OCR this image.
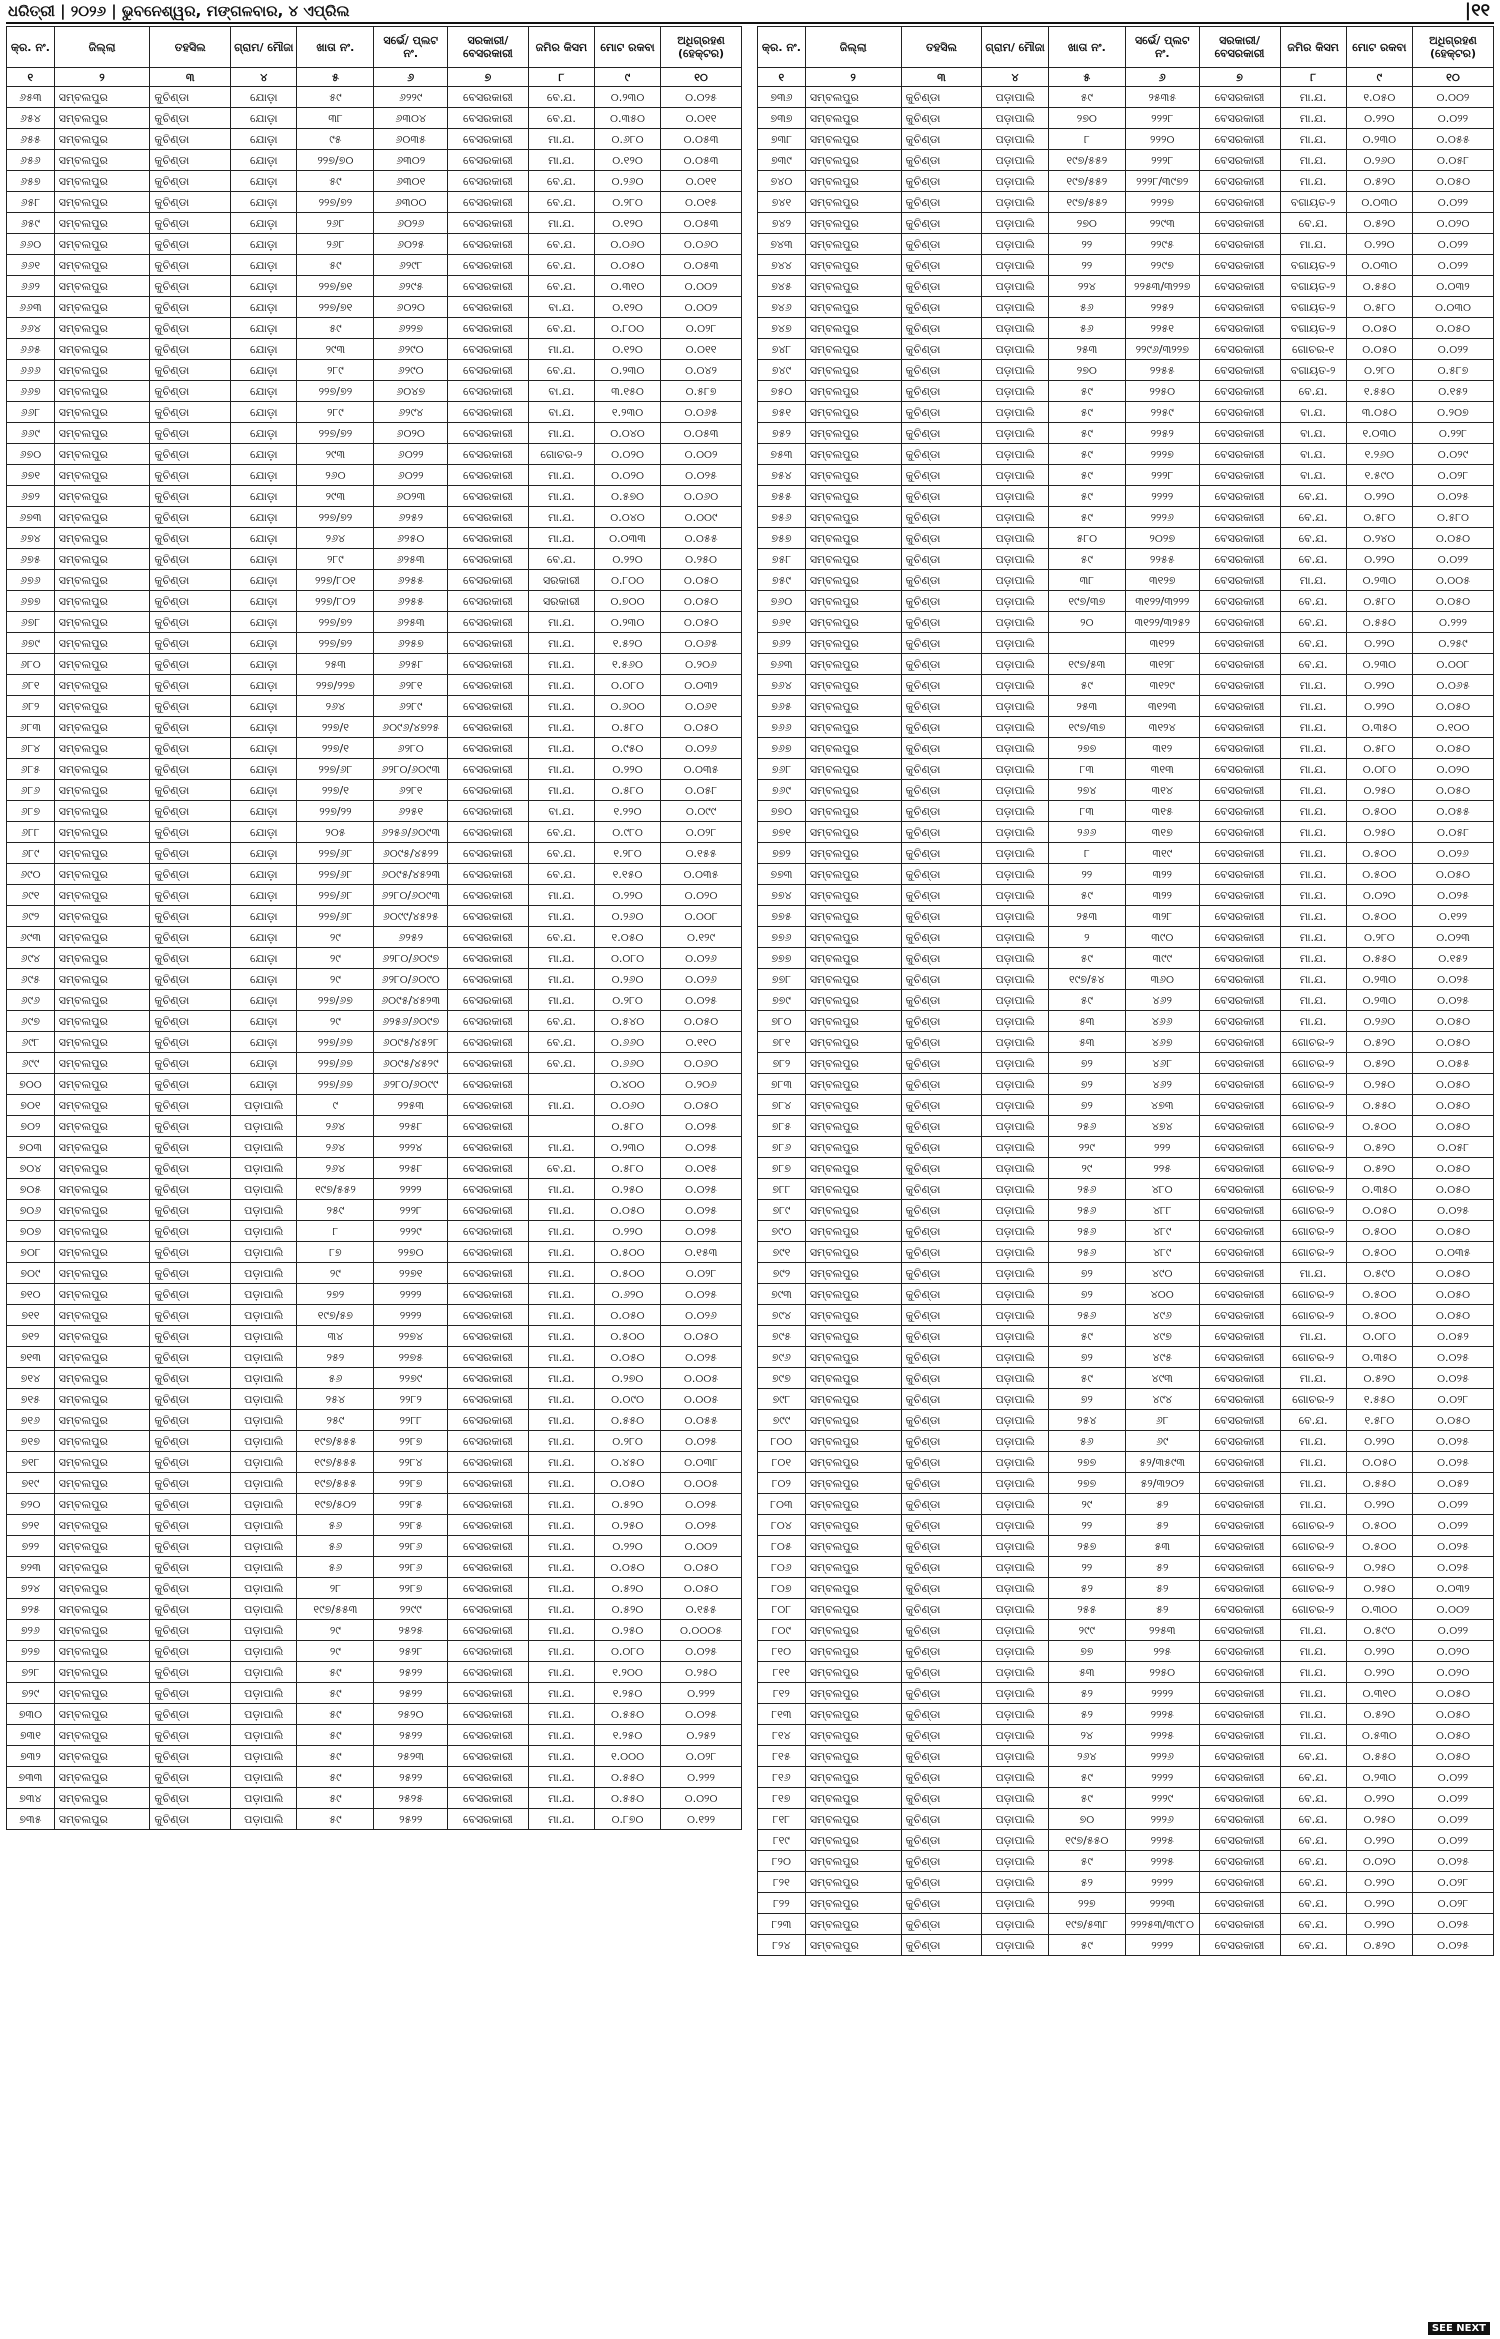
ଧରିତ୍ରୀ | ୨୦୨୬ | ଭୁବନେଶ୍ୱର, ମଙ୍ଗଳବାର, ୪ ଏପ୍ରିଲ	|୧୧
କ୍ର. ନଂ.	ଜିଲ୍ଲା	ତହସିଲ	ଗ୍ରାମ/ ମୌଜା	ଖାତା ନଂ.	ସର୍ଭେ/ ପ୍ଲଟ ନଂ.	ସରକାରୀ/ ବେସରକାରୀ	ଜମିର କିସମ	ମୋଟ ରକବା	ଅଧିଗ୍ରହଣ (ହେକ୍ଟର)
୧	୨	୩	୪	୫	୬	୭	୮	୯	୧୦
୬୫୩	ସମ୍ବଲପୁର	କୁଚିଣ୍ଡା	ଯୋଡ଼ା	୫୯	୬୨୨୯	ବେସରକାରୀ	ବେ.ଯ.	୦.୨୩୦	୦.୦୨୫
୬୫୪	ସମ୍ବଲପୁର	କୁଚିଣ୍ଡା	ଯୋଡ଼ା	୩୮	୬୩୦୪	ବେସରକାରୀ	ବେ.ଯ.	୦.୩୫୦	୦.୦୧୧
୬୫୫	ସମ୍ବଲପୁର	କୁଚିଣ୍ଡା	ଯୋଡ଼ା	୯୫	୬୦୩୫	ବେସରକାରୀ	ମା.ଯ.	୦.୬୮୦	୦.୦୫୩
୬୫୬	ସମ୍ବଲପୁର	କୁଚିଣ୍ଡା	ଯୋଡ଼ା	୨୨୭/୭୦	୬୩୦୨	ବେସରକାରୀ	ମା.ଯ.	୦.୧୨୦	୦.୦୫୩
୬୫୭	ସମ୍ବଲପୁର	କୁଚିଣ୍ଡା	ଯୋଡ଼ା	୫୯	୬୩୦୧	ବେସରକାରୀ	ବେ.ଯ.	୦.୨୬୦	୦.୦୧୧
୬୫୮	ସମ୍ବଲପୁର	କୁଚିଣ୍ଡା	ଯୋଡ଼ା	୨୨୭/୭୨	୬୩୦୦	ବେସରକାରୀ	ବେ.ଯ.	୦.୨୮୦	୦.୦୧୫
୬୫୯	ସମ୍ବଲପୁର	କୁଚିଣ୍ଡା	ଯୋଡ଼ା	୨୬୮	୬୦୨୬	ବେସରକାରୀ	ମା.ଯ.	୦.୧୨୦	୦.୦୫୩
୬୬୦	ସମ୍ବଲପୁର	କୁଚିଣ୍ଡା	ଯୋଡ଼ା	୨୬୮	୬୦୨୫	ବେସରକାରୀ	ବେ.ଯ.	୦.୦୬୦	୦.୦୬୦
୬୬୧	ସମ୍ବଲପୁର	କୁଚିଣ୍ଡା	ଯୋଡ଼ା	୫୯	୬୨୯୮	ବେସରକାରୀ	ବେ.ଯ.	୦.୦୫୦	୦.୦୫୩
୬୬୨	ସମ୍ବଲପୁର	କୁଚିଣ୍ଡା	ଯୋଡ଼ା	୨୨୭/୭୧	୬୨୯୫	ବେସରକାରୀ	ବେ.ଯ.	୦.୩୧୦	୦.୦୦୨
୬୬୩	ସମ୍ବଲପୁର	କୁଚିଣ୍ଡା	ଯୋଡ଼ା	୨୨୭/୭୧	୬୦୨୦	ବେସରକାରୀ	ବା.ଯ.	୦.୧୨୦	୦.୦୦୨
୬୬୪	ସମ୍ବଲପୁର	କୁଚିଣ୍ଡା	ଯୋଡ଼ା	୫୯	୬୨୨୭	ବେସରକାରୀ	ବେ.ଯ.	୦.୮୦୦	୦.୦୨୮
୬୬୫	ସମ୍ବଲପୁର	କୁଚିଣ୍ଡା	ଯୋଡ଼ା	୨୯୩	୬୨୯୦	ବେସରକାରୀ	ମା.ଯ.	୦.୧୨୦	୦.୦୧୧
୬୬୬	ସମ୍ବଲପୁର	କୁଚିଣ୍ଡା	ଯୋଡ଼ା	୨୮୯	୬୨୯୦	ବେସରକାରୀ	ବେ.ଯ.	୦.୨୩୦	୦.୦୪୨
୬୬୭	ସମ୍ବଲପୁର	କୁଚିଣ୍ଡା	ଯୋଡ଼ା	୨୨୭/୭୨	୬୦୪୭	ବେସରକାରୀ	ବା.ଯ.	୩.୧୫୦	୦.୫୮୭
୬୬୮	ସମ୍ବଲପୁର	କୁଚିଣ୍ଡା	ଯୋଡ଼ା	୨୮୯	୬୨୯୪	ବେସରକାରୀ	ବା.ଯ.	୧.୨୩୦	୦.୦୬୫
୬୬୯	ସମ୍ବଲପୁର	କୁଚିଣ୍ଡା	ଯୋଡ଼ା	୨୨୭/୭୨	୬୦୨୦	ବେସରକାରୀ	ମା.ଯ.	୦.୦୪୦	୦.୦୫୩
୬୭୦	ସମ୍ବଲପୁର	କୁଚିଣ୍ଡା	ଯୋଡ଼ା	୨୯୩	୬୦୨୨	ବେସରକାରୀ	ଗୋଚର-୨	୦.୦୨୦	୦.୦୦୨
୬୭୧	ସମ୍ବଲପୁର	କୁଚିଣ୍ଡା	ଯୋଡ଼ା	୨୬୦	୬୦୨୨	ବେସରକାରୀ	ମା.ଯ.	୦.୦୨୦	୦.୦୨୫
୬୭୨	ସମ୍ବଲପୁର	କୁଚିଣ୍ଡା	ଯୋଡ଼ା	୨୯୩	୬୦୨୩	ବେସରକାରୀ	ମା.ଯ.	୦.୫୭୦	୦.୦୬୦
୬୭୩	ସମ୍ବଲପୁର	କୁଚିଣ୍ଡା	ଯୋଡ଼ା	୨୨୭/୭୨	୬୨୫୨	ବେସରକାରୀ	ମା.ଯ.	୦.୦୪୦	୦.୦୦୯
୬୭୪	ସମ୍ବଲପୁର	କୁଚିଣ୍ଡା	ଯୋଡ଼ା	୨୬୪	୬୨୫୦	ବେସରକାରୀ	ମା.ଯ.	୦.୦୩୩	୦.୦୫୫
୬୭୫	ସମ୍ବଲପୁର	କୁଚିଣ୍ଡା	ଯୋଡ଼ା	୨୮୯	୬୨୫୩	ବେସରକାରୀ	ବେ.ଯ.	୦.୨୨୦	୦.୨୫୦
୬୭୬	ସମ୍ବଲପୁର	କୁଚିଣ୍ଡା	ଯୋଡ଼ା	୨୨୭/୮୦୧	୬୨୫୫	ବେସରକାରୀ	ସରକାରୀ	୦.୮୦୦	୦.୦୫୦
୬୭୭	ସମ୍ବଲପୁର	କୁଚିଣ୍ଡା	ଯୋଡ଼ା	୨୨୭/୮୦୨	୬୨୫୫	ବେସରକାରୀ	ସରକାରୀ	୦.୭୦୦	୦.୦୫୦
୬୭୮	ସମ୍ବଲପୁର	କୁଚିଣ୍ଡା	ଯୋଡ଼ା	୨୨୭/୭୨	୬୨୫୩	ବେସରକାରୀ	ମା.ଯ.	୦.୨୩୦	୦.୦୫୦
୬୭୯	ସମ୍ବଲପୁର	କୁଚିଣ୍ଡା	ଯୋଡ଼ା	୨୨୭/୭୨	୬୨୫୭	ବେସରକାରୀ	ମା.ଯ.	୧.୫୨୦	୦.୦୬୫
୬୮୦	ସମ୍ବଲପୁର	କୁଚିଣ୍ଡା	ଯୋଡ଼ା	୨୫୩	୬୨୫୮	ବେସରକାରୀ	ମା.ଯ.	୧.୫୬୦	୦.୨୦୬
୬୮୧	ସମ୍ବଲପୁର	କୁଚିଣ୍ଡା	ଯୋଡ଼ା	୨୨୭/୨୨୭	୬୨୮୧	ବେସରକାରୀ	ମା.ଯ.	୦.୦୮୦	୦.୦୩୨
୬୮୨	ସମ୍ବଲପୁର	କୁଚିଣ୍ଡା	ଯୋଡ଼ା	୨୬୪	୬୨୮୯	ବେସରକାରୀ	ମା.ଯ.	୦.୬୦୦	୦.୦୬୧
୬୮୩	ସମ୍ବଲପୁର	କୁଚିଣ୍ଡା	ଯୋଡ଼ା	୨୨୭/୧	୬୦୯୬/୪୭୨୫	ବେସରକାରୀ	ମା.ଯ.	୦.୫୮୦	୦.୦୫୦
୬୮୪	ସମ୍ବଲପୁର	କୁଚିଣ୍ଡା	ଯୋଡ଼ା	୨୨୭/୧	୬୨୮୦	ବେସରକାରୀ	ମା.ଯ.	୦.୯୫୦	୦.୦୨୬
୬୮୫	ସମ୍ବଲପୁର	କୁଚିଣ୍ଡା	ଯୋଡ଼ା	୨୨୭/୬୮	୬୨୮୦/୬୦୯୩	ବେସରକାରୀ	ମା.ଯ.	୦.୨୨୦	୦.୦୩୫
୬୮୬	ସମ୍ବଲପୁର	କୁଚିଣ୍ଡା	ଯୋଡ଼ା	୨୨୭/୧	୬୨୮୧	ବେସରକାରୀ	ମା.ଯ.	୦.୫୮୦	୦.୦୫୮
୬୮୭	ସମ୍ବଲପୁର	କୁଚିଣ୍ଡା	ଯୋଡ଼ା	୨୨୭/୨୨	୬୨୫୧	ବେସରକାରୀ	ବା.ଯ.	୧.୨୨୦	୦.୦୯୯
୬୮୮	ସମ୍ବଲପୁର	କୁଚିଣ୍ଡା	ଯୋଡ଼ା	୨୦୫	୬୨୫୬/୬୦୯୩	ବେସରକାରୀ	ବେ.ଯ.	୦.୯୮୦	୦.୦୨୮
୬୮୯	ସମ୍ବଲପୁର	କୁଚିଣ୍ଡା	ଯୋଡ଼ା	୨୨୭/୬୮	୬୦୯୫/୪୫୨୨	ବେସରକାରୀ	ବେ.ଯ.	୧.୨୮୦	୦.୧୫୫
୬୯୦	ସମ୍ବଲପୁର	କୁଚିଣ୍ଡା	ଯୋଡ଼ା	୨୨୭/୬୮	୬୦୯୫/୪୫୨୩	ବେସରକାରୀ	ବେ.ଯ.	୧.୧୫୦	୦.୦୩୫
୬୯୧	ସମ୍ବଲପୁର	କୁଚିଣ୍ଡା	ଯୋଡ଼ା	୨୨୭/୬୮	୬୨୮୦/୬୦୯୩	ବେସରକାରୀ	ମା.ଯ.	୦.୨୨୦	୦.୦୨୦
୬୯୨	ସମ୍ବଲପୁର	କୁଚିଣ୍ଡା	ଯୋଡ଼ା	୨୨୭/୬୮	୬୦୯୯/୪୫୨୫	ବେସରକାରୀ	ମା.ଯ.	୦.୨୬୦	୦.୦୦୮
୬୯୩	ସମ୍ବଲପୁର	କୁଚିଣ୍ଡା	ଯୋଡ଼ା	୨୯	୬୨୫୨	ବେସରକାରୀ	ବେ.ଯ.	୧.୦୫୦	୦.୧୨୯
୬୯୪	ସମ୍ବଲପୁର	କୁଚିଣ୍ଡା	ଯୋଡ଼ା	୨୯	୬୨୮୦/୬୦୯୭	ବେସରକାରୀ	ମା.ଯ.	୦.୦୮୦	୦.୦୨୬
୬୯୫	ସମ୍ବଲପୁର	କୁଚିଣ୍ଡା	ଯୋଡ଼ା	୨୯	୬୨୮୦/୬୦୯୦	ବେସରକାରୀ	ମା.ଯ.	୦.୨୬୦	୦.୦୨୬
୬୯୬	ସମ୍ବଲପୁର	କୁଚିଣ୍ଡା	ଯୋଡ଼ା	୨୨୭/୬୭	୬୦୯୫/୪୫୨୩	ବେସରକାରୀ	ମା.ଯ.	୦.୨୮୦	୦.୦୨୫
୬୯୭	ସମ୍ବଲପୁର	କୁଚିଣ୍ଡା	ଯୋଡ଼ା	୨୯	୬୨୫୬/୬୦୯୭	ବେସରକାରୀ	ବେ.ଯ.	୦.୫୪୦	୦.୦୫୦
୬୯୮	ସମ୍ବଲପୁର	କୁଚିଣ୍ଡା	ଯୋଡ଼ା	୨୨୭/୬୭	୬୦୯୫/୪୫୨୮	ବେସରକାରୀ	ବେ.ଯ.	୦.୬୬୦	୦.୧୧୦
୬୯୯	ସମ୍ବଲପୁର	କୁଚିଣ୍ଡା	ଯୋଡ଼ା	୨୨୭/୬୭	୬୦୯୫/୪୫୨୯	ବେସରକାରୀ	ବେ.ଯ.	୦.୬୬୦	୦.୦୬୦
୭୦୦	ସମ୍ବଲପୁର	କୁଚିଣ୍ଡା	ଯୋଡ଼ା	୨୨୭/୬୭	୬୨୮୦/୬୦୯୯	ବେସରକାରୀ		୦.୪୦୦	୦.୨୦୬
୭୦୧	ସମ୍ବଲପୁର	କୁଚିଣ୍ଡା	ପଡ଼ାପାଲି	୯	୨୨୫୩	ବେସରକାରୀ	ମା.ଯ.	୦.୦୬୦	୦.୦୫୦
୭୦୨	ସମ୍ବଲପୁର	କୁଚିଣ୍ଡା	ପଡ଼ାପାଲି	୨୬୪	୨୨୫୮	ବେସରକାରୀ		୦.୫୮୦	୦.୦୨୫
୭୦୩	ସମ୍ବଲପୁର	କୁଚିଣ୍ଡା	ପଡ଼ାପାଲି	୨୬୪	୨୨୨୪	ବେସରକାରୀ	ମା.ଯ.	୦.୨୩୦	୦.୦୨୫
୭୦୪	ସମ୍ବଲପୁର	କୁଚିଣ୍ଡା	ପଡ଼ାପାଲି	୨୬୪	୨୨୫୮	ବେସରକାରୀ	ବେ.ଯ.	୦.୫୮୦	୦.୦୧୫
୭୦୫	ସମ୍ବଲପୁର	କୁଚିଣ୍ଡା	ପଡ଼ାପାଲି	୧୯୭/୫୫୨	୨୨୨୨	ବେସରକାରୀ	ମା.ଯ.	୦.୨୫୦	୦.୦୨୫
୭୦୬	ସମ୍ବଲପୁର	କୁଚିଣ୍ଡା	ପଡ଼ାପାଲି	୨୫୯	୨୨୨୮	ବେସରକାରୀ	ମା.ଯ.	୦.୦୫୦	୦.୦୨୫
୭୦୭	ସମ୍ବଲପୁର	କୁଚିଣ୍ଡା	ପଡ଼ାପାଲି	୮	୨୨୨୯	ବେସରକାରୀ	ମା.ଯ.	୦.୨୨୦	୦.୦୨୫
୭୦୮	ସମ୍ବଲପୁର	କୁଚିଣ୍ଡା	ପଡ଼ାପାଲି	୮୭	୨୨୭୦	ବେସରକାରୀ	ମା.ଯ.	୦.୫୦୦	୦.୧୫୩
୭୦୯	ସମ୍ବଲପୁର	କୁଚିଣ୍ଡା	ପଡ଼ାପାଲି	୨୯	୨୨୭୧	ବେସରକାରୀ	ମା.ଯ.	୦.୫୦୦	୦.୦୨୮
୭୧୦	ସମ୍ବଲପୁର	କୁଚିଣ୍ଡା	ପଡ଼ାପାଲି	୨୭୨	୨୨୨୨	ବେସରକାରୀ	ମା.ଯ.	୦.୬୨୦	୦.୦୨୫
୭୧୧	ସମ୍ବଲପୁର	କୁଚିଣ୍ଡା	ପଡ଼ାପାଲି	୧୯୭/୫୭	୨୨୨୨	ବେସରକାରୀ	ମା.ଯ.	୦.୦୫୦	୦.୦୨୬
୭୧୨	ସମ୍ବଲପୁର	କୁଚିଣ୍ଡା	ପଡ଼ାପାଲି	୩୪	୨୨୭୪	ବେସରକାରୀ	ମା.ଯ.	୦.୫୦୦	୦.୦୫୦
୭୧୩	ସମ୍ବଲପୁର	କୁଚିଣ୍ଡା	ପଡ଼ାପାଲି	୨୫୨	୨୨୭୫	ବେସରକାରୀ	ମା.ଯ.	୦.୦୫୦	୦.୦୨୫
୭୧୪	ସମ୍ବଲପୁର	କୁଚିଣ୍ଡା	ପଡ଼ାପାଲି	୫୬	୨୨୭୯	ବେସରକାରୀ	ମା.ଯ.	୦.୨୭୦	୦.୦୦୫
୭୧୫	ସମ୍ବଲପୁର	କୁଚିଣ୍ଡା	ପଡ଼ାପାଲି	୨୫୪	୨୨୮୨	ବେସରକାରୀ	ମା.ଯ.	୦.୦୯୦	୦.୦୦୫
୭୧୬	ସମ୍ବଲପୁର	କୁଚିଣ୍ଡା	ପଡ଼ାପାଲି	୨୫୯	୨୨୮୮	ବେସରକାରୀ	ମା.ଯ.	୦.୫୫୦	୦.୦୫୫
୭୧୭	ସମ୍ବଲପୁର	କୁଚିଣ୍ଡା	ପଡ଼ାପାଲି	୧୯୭/୫୫୫	୨୨୮୭	ବେସରକାରୀ	ମା.ଯ.	୦.୨୮୦	୦.୦୨୫
୭୧୮	ସମ୍ବଲପୁର	କୁଚିଣ୍ଡା	ପଡ଼ାପାଲି	୧୯୭/୫୫୫	୨୨୮୪	ବେସରକାରୀ	ମା.ଯ.	୦.୪୫୦	୦.୦୩୮
୭୧୯	ସମ୍ବଲପୁର	କୁଚିଣ୍ଡା	ପଡ଼ାପାଲି	୧୯୭/୫୫୫	୨୨୮୭	ବେସରକାରୀ	ମା.ଯ.	୦.୦୫୦	୦.୦୦୫
୭୨୦	ସମ୍ବଲପୁର	କୁଚିଣ୍ଡା	ପଡ଼ାପାଲି	୧୯୭/୫୦୨	୨୨୮୫	ବେସରକାରୀ	ମା.ଯ.	୦.୫୨୦	୦.୦୨୫
୭୨୧	ସମ୍ବଲପୁର	କୁଚିଣ୍ଡା	ପଡ଼ାପାଲି	୫୬	୨୨୮୫	ବେସରକାରୀ	ମା.ଯ.	୦.୨୫୦	୦.୦୨୫
୭୨୨	ସମ୍ବଲପୁର	କୁଚିଣ୍ଡା	ପଡ଼ାପାଲି	୫୬	୨୨୮୬	ବେସରକାରୀ	ମା.ଯ.	୦.୨୨୦	୦.୦୦୨
୭୨୩	ସମ୍ବଲପୁର	କୁଚିଣ୍ଡା	ପଡ଼ାପାଲି	୫୬	୨୨୮୬	ବେସରକାରୀ	ମା.ଯ.	୦.୦୫୦	୦.୦୫୦
୭୨୪	ସମ୍ବଲପୁର	କୁଚିଣ୍ଡା	ପଡ଼ାପାଲି	୨୮	୨୨୮୭	ବେସରକାରୀ	ମା.ଯ.	୦.୫୨୦	୦.୦୫୦
୭୨୫	ସମ୍ବଲପୁର	କୁଚିଣ୍ଡା	ପଡ଼ାପାଲି	୧୯୭/୫୫୩	୨୨୯୯	ବେସରକାରୀ	ମା.ଯ.	୦.୫୨୦	୦.୧୫୫
୭୨୬	ସମ୍ବଲପୁର	କୁଚିଣ୍ଡା	ପଡ଼ାପାଲି	୨୯	୨୫୨୫	ବେସରକାରୀ	ମା.ଯ.	୦.୨୫୦	୦.୦୦୦୫
୭୨୭	ସମ୍ବଲପୁର	କୁଚିଣ୍ଡା	ପଡ଼ାପାଲି	୨୯	୨୫୨୮	ବେସରକାରୀ	ମା.ଯ.	୦.୦୮୦	୦.୦୨୫
୭୨୮	ସମ୍ବଲପୁର	କୁଚିଣ୍ଡା	ପଡ଼ାପାଲି	୫୯	୨୫୨୨	ବେସରକାରୀ	ମା.ଯ.	୧.୨୦୦	୦.୨୫୦
୭୨୯	ସମ୍ବଲପୁର	କୁଚିଣ୍ଡା	ପଡ଼ାପାଲି	୫୯	୨୫୨୨	ବେସରକାରୀ	ମା.ଯ.	୧.୨୫୦	୦.୨୨୨
୭୩୦	ସମ୍ବଲପୁର	କୁଚିଣ୍ଡା	ପଡ଼ାପାଲି	୫୯	୨୫୨୦	ବେସରକାରୀ	ମା.ଯ.	୦.୫୫୦	୦.୦୨୫
୭୩୧	ସମ୍ବଲପୁର	କୁଚିଣ୍ଡା	ପଡ଼ାପାଲି	୫୯	୨୫୨୨	ବେସରକାରୀ	ମା.ଯ.	୧.୨୫୦	୦.୨୫୨
୭୩୨	ସମ୍ବଲପୁର	କୁଚିଣ୍ଡା	ପଡ଼ାପାଲି	୫୯	୨୫୨୩	ବେସରକାରୀ	ମା.ଯ.	୧.୦୦୦	୦.୦୨୮
୭୩୩	ସମ୍ବଲପୁର	କୁଚିଣ୍ଡା	ପଡ଼ାପାଲି	୫୯	୨୫୨୨	ବେସରକାରୀ	ମା.ଯ.	୦.୫୫୦	୦.୨୨୨
୭୩୪	ସମ୍ବଲପୁର	କୁଚିଣ୍ଡା	ପଡ଼ାପାଲି	୫୯	୨୫୨୫	ବେସରକାରୀ	ମା.ଯ.	୦.୫୫୦	୦.୦୨୦
୭୩୫	ସମ୍ବଲପୁର	କୁଚିଣ୍ଡା	ପଡ଼ାପାଲି	୫୯	୨୫୨୨	ବେସରକାରୀ	ମା.ଯ.	୦.୮୭୦	୦.୧୨୨
କ୍ର. ନଂ.	ଜିଲ୍ଲା	ତହସିଲ	ଗ୍ରାମ/ ମୌଜା	ଖାତା ନଂ.	ସର୍ଭେ/ ପ୍ଲଟ ନଂ.	ସରକାରୀ/ ବେସରକାରୀ	ଜମିର କିସମ	ମୋଟ ରକବା	ଅଧିଗ୍ରହଣ (ହେକ୍ଟର)
୧	୨	୩	୪	୫	୬	୭	୮	୯	୧୦
୭୩୬	ସମ୍ବଲପୁର	କୁଚିଣ୍ଡା	ପଡ଼ାପାଲି	୫୯	୨୫୩୫	ବେସରକାରୀ	ମା.ଯ.	୧.୦୫୦	୦.୦୦୨
୭୩୭	ସମ୍ବଲପୁର	କୁଚିଣ୍ଡା	ପଡ଼ାପାଲି	୨୭୦	୨୨୨୮	ବେସରକାରୀ	ମା.ଯ.	୦.୨୨୦	୦.୦୨୨
୭୩୮	ସମ୍ବଲପୁର	କୁଚିଣ୍ଡା	ପଡ଼ାପାଲି	୮	୨୨୨୦	ବେସରକାରୀ	ମା.ଯ.	୦.୨୩୦	୦.୦୫୫
୭୩୯	ସମ୍ବଲପୁର	କୁଚିଣ୍ଡା	ପଡ଼ାପାଲି	୧୯୭/୫୫୨	୨୨୨୮	ବେସରକାରୀ	ମା.ଯ.	୦.୨୬୦	୦.୦୫୮
୭୪୦	ସମ୍ବଲପୁର	କୁଚିଣ୍ଡା	ପଡ଼ାପାଲି	୧୯୭/୫୫୨	୨୨୨୮/୩୯୭୨	ବେସରକାରୀ	ମା.ଯ.	୦.୫୨୦	୦.୦୫୦
୭୪୧	ସମ୍ବଲପୁର	କୁଚିଣ୍ଡା	ପଡ଼ାପାଲି	୧୯୭/୫୫୨	୨୨୨୭	ବେସରକାରୀ	ବଗାୟତ-୨	୦.୦୩୦	୦.୦୨୨
୭୪୨	ସମ୍ବଲପୁର	କୁଚିଣ୍ଡା	ପଡ଼ାପାଲି	୨୭୦	୨୨୯୩	ବେସରକାରୀ	ବେ.ଯ.	୦.୫୨୦	୦.୦୨୦
୭୪୩	ସମ୍ବଲପୁର	କୁଚିଣ୍ଡା	ପଡ଼ାପାଲି	୨୨	୨୨୯୫	ବେସରକାରୀ	ମା.ଯ.	୦.୨୨୦	୦.୦୨୨
୭୪୪	ସମ୍ବଲପୁର	କୁଚିଣ୍ଡା	ପଡ଼ାପାଲି	୨୨	୨୨୯୭	ବେସରକାରୀ	ବଗାୟତ-୨	୦.୦୩୦	୦.୦୨୨
୭୪୫	ସମ୍ବଲପୁର	କୁଚିଣ୍ଡା	ପଡ଼ାପାଲି	୨୨୪	୨୨୫୩/୩୨୨୭	ବେସରକାରୀ	ବଗାୟତ-୨	୦.୫୫୦	୦.୦୩୨
୭୪୬	ସମ୍ବଲପୁର	କୁଚିଣ୍ଡା	ପଡ଼ାପାଲି	୫୬	୨୨୫୨	ବେସରକାରୀ	ବଗାୟତ-୨	୦.୫୮୦	୦.୦୩୦
୭୪୭	ସମ୍ବଲପୁର	କୁଚିଣ୍ଡା	ପଡ଼ାପାଲି	୫୬	୨୨୫୧	ବେସରକାରୀ	ବଗାୟତ-୨	୦.୦୫୦	୦.୦୫୦
୭୪୮	ସମ୍ବଲପୁର	କୁଚିଣ୍ଡା	ପଡ଼ାପାଲି	୨୫୩	୨୨୯୬/୩୨୨୭	ବେସରକାରୀ	ଗୋଚର-୧	୦.୦୫୦	୦.୦୨୨
୭୪୯	ସମ୍ବଲପୁର	କୁଚିଣ୍ଡା	ପଡ଼ାପାଲି	୨୭୦	୨୨୫୫	ବେସରକାରୀ	ବଗାୟତ-୨	୦.୨୮୦	୦.୫୮୭
୭୫୦	ସମ୍ବଲପୁର	କୁଚିଣ୍ଡା	ପଡ଼ାପାଲି	୫୯	୨୨୫୦	ବେସରକାରୀ	ବେ.ଯ.	୧.୫୫୦	୦.୧୫୨
୭୫୧	ସମ୍ବଲପୁର	କୁଚିଣ୍ଡା	ପଡ଼ାପାଲି	୫୯	୨୨୫୯	ବେସରକାରୀ	ବା.ଯ.	୩.୦୫୦	୦.୨୦୭
୭୫୨	ସମ୍ବଲପୁର	କୁଚିଣ୍ଡା	ପଡ଼ାପାଲି	୫୯	୨୨୫୨	ବେସରକାରୀ	ବା.ଯ.	୧.୦୩୦	୦.୨୨୮
୭୫୩	ସମ୍ବଲପୁର	କୁଚିଣ୍ଡା	ପଡ଼ାପାଲି	୫୯	୨୨୨୭	ବେସରକାରୀ	ବା.ଯ.	୧.୨୬୦	୦.୦୨୯
୭୫୪	ସମ୍ବଲପୁର	କୁଚିଣ୍ଡା	ପଡ଼ାପାଲି	୫୯	୨୨୨୮	ବେସରକାରୀ	ବା.ଯ.	୧.୫୯୦	୦.୦୨୮
୭୫୫	ସମ୍ବଲପୁର	କୁଚିଣ୍ଡା	ପଡ଼ାପାଲି	୫୯	୨୨୨୨	ବେସରକାରୀ	ବେ.ଯ.	୦.୨୨୦	୦.୦୨୫
୭୫୬	ସମ୍ବଲପୁର	କୁଚିଣ୍ଡା	ପଡ଼ାପାଲି	୫୯	୨୨୨୬	ବେସରକାରୀ	ବେ.ଯ.	୦.୫୮୦	୦.୫୮୦
୭୫୭	ସମ୍ବଲପୁର	କୁଚିଣ୍ଡା	ପଡ଼ାପାଲି	୫୮୦	୨୦୨୭	ବେସରକାରୀ	ବେ.ଯ.	୦.୨୪୦	୦.୦୫୦
୭୫୮	ସମ୍ବଲପୁର	କୁଚିଣ୍ଡା	ପଡ଼ାପାଲି	୫୯	୨୨୫୫	ବେସରକାରୀ	ବେ.ଯ.	୦.୨୨୦	୦.୦୨୨
୭୫୯	ସମ୍ବଲପୁର	କୁଚିଣ୍ଡା	ପଡ଼ାପାଲି	୩୮	୩୧୨୭	ବେସରକାରୀ	ମା.ଯ.	୦.୨୩୦	୦.୦୦୫
୭୬୦	ସମ୍ବଲପୁର	କୁଚିଣ୍ଡା	ପଡ଼ାପାଲି	୧୯୭/୩୭	୩୧୨୨/୩୨୨୨	ବେସରକାରୀ	ବେ.ଯ.	୦.୫୮୦	୦.୦୫୦
୭୬୧	ସମ୍ବଲପୁର	କୁଚିଣ୍ଡା	ପଡ଼ାପାଲି	୨୦	୩୧୨୨/୩୨୫୨	ବେସରକାରୀ	ବେ.ଯ.	୦.୫୫୦	୦.୨୨୨
୭୬୨	ସମ୍ବଲପୁର	କୁଚିଣ୍ଡା	ପଡ଼ାପାଲି		୩୧୨୨	ବେସରକାରୀ	ବେ.ଯ.	୦.୨୨୦	୦.୨୫୯
୭୬୩	ସମ୍ବଲପୁର	କୁଚିଣ୍ଡା	ପଡ଼ାପାଲି	୧୯୭/୫୩	୩୧୨୮	ବେସରକାରୀ	ବେ.ଯ.	୦.୨୩୦	୦.୦୦୮
୭୬୪	ସମ୍ବଲପୁର	କୁଚିଣ୍ଡା	ପଡ଼ାପାଲି	୫୯	୩୧୨୯	ବେସରକାରୀ	ମା.ଯ.	୦.୨୨୦	୦.୦୬୫
୭୬୫	ସମ୍ବଲପୁର	କୁଚିଣ୍ଡା	ପଡ଼ାପାଲି	୨୫୩	୩୧୨୩	ବେସରକାରୀ	ମା.ଯ.	୦.୨୨୦	୦.୦୫୦
୭୬୬	ସମ୍ବଲପୁର	କୁଚିଣ୍ଡା	ପଡ଼ାପାଲି	୧୯୭/୩୭	୩୧୨୪	ବେସରକାରୀ	ମା.ଯ.	୦.୩୫୦	୦.୧୦୦
୭୬୭	ସମ୍ବଲପୁର	କୁଚିଣ୍ଡା	ପଡ଼ାପାଲି	୨୭୭	୩୧୨	ବେସରକାରୀ	ମା.ଯ.	୦.୫୮୦	୦.୦୫୦
୭୬୮	ସମ୍ବଲପୁର	କୁଚିଣ୍ଡା	ପଡ଼ାପାଲି	୮୩	୩୧୩	ବେସରକାରୀ	ମା.ଯ.	୦.୦୮୦	୦.୦୨୦
୭୬୯	ସମ୍ବଲପୁର	କୁଚିଣ୍ଡା	ପଡ଼ାପାଲି	୨୭୪	୩୧୪	ବେସରକାରୀ	ମା.ଯ.	୦.୨୫୦	୦.୦୫୦
୭୭୦	ସମ୍ବଲପୁର	କୁଚିଣ୍ଡା	ପଡ଼ାପାଲି	୮୩	୩୧୫	ବେସରକାରୀ	ମା.ଯ.	୦.୫୦୦	୦.୦୫୫
୭୭୧	ସମ୍ବଲପୁର	କୁଚିଣ୍ଡା	ପଡ଼ାପାଲି	୨୬୬	୩୧୭	ବେସରକାରୀ	ମା.ଯ.	୦.୨୫୦	୦.୦୫୮
୭୭୨	ସମ୍ବଲପୁର	କୁଚିଣ୍ଡା	ପଡ଼ାପାଲି	୮	୩୧୯	ବେସରକାରୀ	ମା.ଯ.	୦.୫୦୦	୦.୦୨୬
୭୭୩	ସମ୍ବଲପୁର	କୁଚିଣ୍ଡା	ପଡ଼ାପାଲି	୨୨	୩୨୨	ବେସରକାରୀ	ମା.ଯ.	୦.୫୦୦	୦.୦୫୦
୭୭୪	ସମ୍ବଲପୁର	କୁଚିଣ୍ଡା	ପଡ଼ାପାଲି	୫୯	୩୨୨	ବେସରକାରୀ	ମା.ଯ.	୦.୦୨୦	୦.୦୨୫
୭୭୫	ସମ୍ବଲପୁର	କୁଚିଣ୍ଡା	ପଡ଼ାପାଲି	୨୫୩	୩୨୮	ବେସରକାରୀ	ମା.ଯ.	୦.୫୦୦	୦.୧୨୨
୭୭୬	ସମ୍ବଲପୁର	କୁଚିଣ୍ଡା	ପଡ଼ାପାଲି	୨	୩୯୦	ବେସରକାରୀ	ମା.ଯ.	୦.୨୮୦	୦.୦୨୩
୭୭୭	ସମ୍ବଲପୁର	କୁଚିଣ୍ଡା	ପଡ଼ାପାଲି	୫୯	୩୯୯	ବେସରକାରୀ	ମା.ଯ.	୦.୫୫୦	୦.୧୫୨
୭୭୮	ସମ୍ବଲପୁର	କୁଚିଣ୍ଡା	ପଡ଼ାପାଲି	୧୯୭/୫୪	୩୬୦	ବେସରକାରୀ	ମା.ଯ.	୦.୨୩୦	୦.୦୨୫
୭୭୯	ସମ୍ବଲପୁର	କୁଚିଣ୍ଡା	ପଡ଼ାପାଲି	୫୯	୪୬୨	ବେସରକାରୀ	ମା.ଯ.	୦.୨୩୦	୦.୦୨୫
୭୮୦	ସମ୍ବଲପୁର	କୁଚିଣ୍ଡା	ପଡ଼ାପାଲି	୫୩	୪୬୬	ବେସରକାରୀ	ମା.ଯ.	୦.୨୬୦	୦.୦୫୦
୭୮୧	ସମ୍ବଲପୁର	କୁଚିଣ୍ଡା	ପଡ଼ାପାଲି	୫୩	୪୬୭	ବେସରକାରୀ	ଗୋଚର-୨	୦.୫୨୦	୦.୦୫୦
୭୮୨	ସମ୍ବଲପୁର	କୁଚିଣ୍ଡା	ପଡ଼ାପାଲି	୭୨	୪୬୮	ବେସରକାରୀ	ଗୋଚର-୨	୦.୫୨୦	୦.୦୫୫
୭୮୩	ସମ୍ବଲପୁର	କୁଚିଣ୍ଡା	ପଡ଼ାପାଲି	୭୨	୪୬୨	ବେସରକାରୀ	ଗୋଚର-୨	୦.୨୫୦	୦.୦୫୦
୭୮୪	ସମ୍ବଲପୁର	କୁଚିଣ୍ଡା	ପଡ଼ାପାଲି	୭୨	୪୭୩	ବେସରକାରୀ	ଗୋଚର-୨	୦.୫୫୦	୦.୦୫୦
୭୮୫	ସମ୍ବଲପୁର	କୁଚିଣ୍ଡା	ପଡ଼ାପାଲି	୨୫୬	୪୭୪	ବେସରକାରୀ	ଗୋଚର-୨	୦.୫୦୦	୦.୦୫୦
୭୮୬	ସମ୍ବଲପୁର	କୁଚିଣ୍ଡା	ପଡ଼ାପାଲି	୨୨୯	୨୨୨	ବେସରକାରୀ	ଗୋଚର-୨	୦.୫୨୦	୦.୦୫୮
୭୮୭	ସମ୍ବଲପୁର	କୁଚିଣ୍ଡା	ପଡ଼ାପାଲି	୨୯	୨୨୫	ବେସରକାରୀ	ଗୋଚର-୨	୦.୫୨୦	୦.୦୫୦
୭୮୮	ସମ୍ବଲପୁର	କୁଚିଣ୍ଡା	ପଡ଼ାପାଲି	୨୫୬	୪୮୦	ବେସରକାରୀ	ଗୋଚର-୨	୦.୩୫୦	୦.୦୫୦
୭୮୯	ସମ୍ବଲପୁର	କୁଚିଣ୍ଡା	ପଡ଼ାପାଲି	୨୫୬	୪୮୮	ବେସରକାରୀ	ଗୋଚର-୨	୦.୦୫୦	୦.୦୨୫
୭୯୦	ସମ୍ବଲପୁର	କୁଚିଣ୍ଡା	ପଡ଼ାପାଲି	୨୫୬	୪୮୯	ବେସରକାରୀ	ଗୋଚର-୨	୦.୫୦୦	୦.୦୫୦
୭୯୧	ସମ୍ବଲପୁର	କୁଚିଣ୍ଡା	ପଡ଼ାପାଲି	୨୫୬	୪୮୯	ବେସରକାରୀ	ଗୋଚର-୨	୦.୫୦୦	୦.୦୩୫
୭୯୨	ସମ୍ବଲପୁର	କୁଚିଣ୍ଡା	ପଡ଼ାପାଲି	୭୨	୪୯୦	ବେସରକାରୀ	ମା.ଯ.	୦.୫୯୦	୦.୦୫୦
୭୯୩	ସମ୍ବଲପୁର	କୁଚିଣ୍ଡା	ପଡ଼ାପାଲି	୭୨	୪୦୦	ବେସରକାରୀ	ଗୋଚର-୨	୦.୫୦୦	୦.୦୫୦
୭୯୪	ସମ୍ବଲପୁର	କୁଚିଣ୍ଡା	ପଡ଼ାପାଲି	୨୫୬	୪୯୬	ବେସରକାରୀ	ଗୋଚର-୨	୦.୫୦୦	୦.୦୫୦
୭୯୫	ସମ୍ବଲପୁର	କୁଚିଣ୍ଡା	ପଡ଼ାପାଲି	୫୯	୪୯୭	ବେସରକାରୀ	ମା.ଯ.	୦.୦୮୦	୦.୦୫୨
୭୯୬	ସମ୍ବଲପୁର	କୁଚିଣ୍ଡା	ପଡ଼ାପାଲି	୭୨	୪୯୫	ବେସରକାରୀ	ଗୋଚର-୨	୦.୩୫୦	୦.୦୨୫
୭୯୭	ସମ୍ବଲପୁର	କୁଚିଣ୍ଡା	ପଡ଼ାପାଲି	୫୯	୪୯୩	ବେସରକାରୀ	ମା.ଯ.	୦.୫୨୦	୦.୦୨୫
୭୯୮	ସମ୍ବଲପୁର	କୁଚିଣ୍ଡା	ପଡ଼ାପାଲି	୭୨	୪୯୪	ବେସରକାରୀ	ଗୋଚର-୨	୧.୫୫୦	୦.୦୨୮
୭୯୯	ସମ୍ବଲପୁର	କୁଚିଣ୍ଡା	ପଡ଼ାପାଲି	୨୫୪	୬୮	ବେସରକାରୀ	ବେ.ଯ.	୧.୫୮୦	୦.୦୫୦
୮୦୦	ସମ୍ବଲପୁର	କୁଚିଣ୍ଡା	ପଡ଼ାପାଲି	୫୬	୬୯	ବେସରକାରୀ	ମା.ଯ.	୦.୨୨୦	୦.୦୨୫
୮୦୧	ସମ୍ବଲପୁର	କୁଚିଣ୍ଡା	ପଡ଼ାପାଲି	୨୭୭	୫୨/୩୫୯୩	ବେସରକାରୀ	ମା.ଯ.	୦.୦୫୦	୦.୦୨୫
୮୦୨	ସମ୍ବଲପୁର	କୁଚିଣ୍ଡା	ପଡ଼ାପାଲି	୨୭୭	୫୨/୩୨୦୨	ବେସରକାରୀ	ମା.ଯ.	୦.୫୫୦	୦.୦୫୨
୮୦୩	ସମ୍ବଲପୁର	କୁଚିଣ୍ଡା	ପଡ଼ାପାଲି	୨୯	୫୨	ବେସରକାରୀ	ମା.ଯ.	୦.୨୨୦	୦.୦୨୨
୮୦୪	ସମ୍ବଲପୁର	କୁଚିଣ୍ଡା	ପଡ଼ାପାଲି	୨୨	୫୨	ବେସରକାରୀ	ଗୋଚର-୨	୦.୫୦୦	୦.୦୨୨
୮୦୫	ସମ୍ବଲପୁର	କୁଚିଣ୍ଡା	ପଡ଼ାପାଲି	୨୫୭	୫୩	ବେସରକାରୀ	ଗୋଚର-୨	୦.୫୦୦	୦.୦୨୫
୮୦୬	ସମ୍ବଲପୁର	କୁଚିଣ୍ଡା	ପଡ଼ାପାଲି	୨୨	୫୨	ବେସରକାରୀ	ଗୋଚର-୨	୦.୨୫୦	୦.୦୨୫
୮୦୭	ସମ୍ବଲପୁର	କୁଚିଣ୍ଡା	ପଡ଼ାପାଲି	୫୨	୫୨	ବେସରକାରୀ	ଗୋଚର-୨	୦.୨୫୦	୦.୦୩୨
୮୦୮	ସମ୍ବଲପୁର	କୁଚିଣ୍ଡା	ପଡ଼ାପାଲି	୨୫୫	୫୨	ବେସରକାରୀ	ଗୋଚର-୨	୦.୩୦୦	୦.୦୦୨
୮୦୯	ସମ୍ବଲପୁର	କୁଚିଣ୍ଡା	ପଡ଼ାପାଲି	୨୯୯	୨୨୫୩	ବେସରକାରୀ	ମା.ଯ.	୦.୫୯୦	୦.୦୨୨
୮୧୦	ସମ୍ବଲପୁର	କୁଚିଣ୍ଡା	ପଡ଼ାପାଲି	୭୭	୨୨୫	ବେସରକାରୀ	ମା.ଯ.	୦.୨୨୦	୦.୦୨୦
୮୧୧	ସମ୍ବଲପୁର	କୁଚିଣ୍ଡା	ପଡ଼ାପାଲି	୫୩	୨୨୫୦	ବେସରକାରୀ	ମା.ଯ.	୦.୨୨୦	୦.୦୨୦
୮୧୨	ସମ୍ବଲପୁର	କୁଚିଣ୍ଡା	ପଡ଼ାପାଲି	୫୨	୨୨୨୨	ବେସରକାରୀ	ମା.ଯ.	୦.୩୧୦	୦.୦୫୦
୮୧୩	ସମ୍ବଲପୁର	କୁଚିଣ୍ଡା	ପଡ଼ାପାଲି	୫୨	୨୨୨୫	ବେସରକାରୀ	ମା.ଯ.	୦.୫୨୦	୦.୦୫୦
୮୧୪	ସମ୍ବଲପୁର	କୁଚିଣ୍ଡା	ପଡ଼ାପାଲି	୨୪	୨୨୨୫	ବେସରକାରୀ	ମା.ଯ.	୦.୫୩୦	୦.୦୫୦
୮୧୫	ସମ୍ବଲପୁର	କୁଚିଣ୍ଡା	ପଡ଼ାପାଲି	୨୬୪	୨୨୨୬	ବେସରକାରୀ	ବେ.ଯ.	୦.୫୫୦	୦.୦୫୦
୮୧୬	ସମ୍ବଲପୁର	କୁଚିଣ୍ଡା	ପଡ଼ାପାଲି	୫୯	୨୨୨୨	ବେସରକାରୀ	ବେ.ଯ.	୦.୨୩୦	୦.୦୨୨
୮୧୭	ସମ୍ବଲପୁର	କୁଚିଣ୍ଡା	ପଡ଼ାପାଲି	୫୯	୨୨୨୯	ବେସରକାରୀ	ବେ.ଯ.	୦.୨୨୦	୦.୦୨୨
୮୧୮	ସମ୍ବଲପୁର	କୁଚିଣ୍ଡା	ପଡ଼ାପାଲି	୭୦	୨୨୨୬	ବେସରକାରୀ	ବେ.ଯ.	୦.୨୫୦	୦.୦୨୨
୮୧୯	ସମ୍ବଲପୁର	କୁଚିଣ୍ଡା	ପଡ଼ାପାଲି	୧୯୭/୫୫୦	୨୨୨୫	ବେସରକାରୀ	ବେ.ଯ.	୦.୨୨୦	୦.୦୨୨
୮୨୦	ସମ୍ବଲପୁର	କୁଚିଣ୍ଡା	ପଡ଼ାପାଲି	୫୯	୨୨୨୫	ବେସରକାରୀ	ବେ.ଯ.	୦.୦୨୦	୦.୦୨୫
୮୨୧	ସମ୍ବଲପୁର	କୁଚିଣ୍ଡା	ପଡ଼ାପାଲି	୫୨	୨୨୨୨	ବେସରକାରୀ	ବେ.ଯ.	୦.୨୨୦	୦.୦୨୮
୮୨୨	ସମ୍ବଲପୁର	କୁଚିଣ୍ଡା	ପଡ଼ାପାଲି	୨୨୭	୨୨୨୩	ବେସରକାରୀ	ବେ.ଯ.	୦.୨୨୦	୦.୦୨୮
୮୨୩	ସମ୍ବଲପୁର	କୁଚିଣ୍ଡା	ପଡ଼ାପାଲି	୧୯୭/୫୩୮	୨୨୨୫୩/୩୯୮୦	ବେସରକାରୀ	ବେ.ଯ.	୦.୨୨୦	୦.୦୨୫
୮୨୪	ସମ୍ବଲପୁର	କୁଚିଣ୍ଡା	ପଡ଼ାପାଲି	୫୯	୨୨୨୨	ବେସରକାରୀ	ବେ.ଯ.	୦.୫୨୦	୦.୦୨୫
SEE NEXT
